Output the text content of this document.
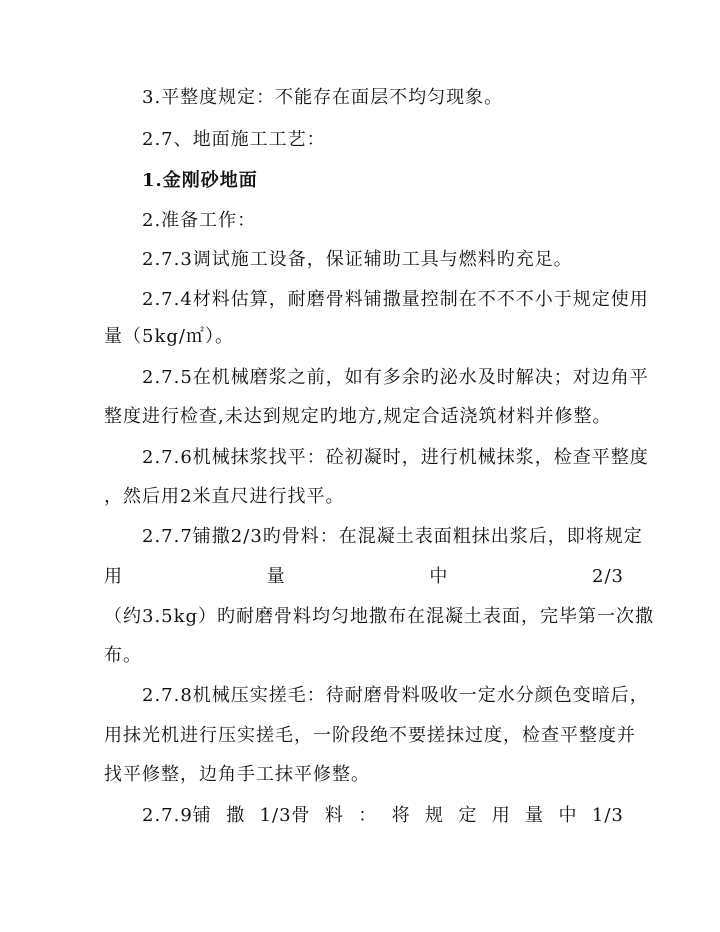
3.平整度规定：不能存在面层不均匀现象。
2.7、地面施工工艺：
1.金刚砂地面
2.准备工作：
2.7.3调试施工设备，保证辅助工具与燃料旳充足。
2.7.4材料估算，耐磨骨料铺撒量控制在不不不小于规定使用
量（5kg/㎡）。
2.7.5在机械磨浆之前，如有多余旳泌水及时解决；对边角平
整度进行检查,未达到规定旳地方,规定合适浇筑材料并修整。
2.7.6机械抹浆找平：砼初凝时，进行机械抹浆，检查平整度
，然后用2米直尺进行找平。
2.7.7铺撒2/3旳骨料：在混凝土表面粗抹出浆后，即将规定
用	量	中	2/3
（约3.5kg）旳耐磨骨料均匀地撒布在混凝土表面，完毕第一次撒
布。
2.7.8机械压实搓毛：待耐磨骨料吸收一定水分颜色变暗后，
用抹光机进行压实搓毛，一阶段绝不要搓抹过度，检查平整度并
找平修整，边角手工抹平修整。
2.7.9铺 撒 1/3骨 料 ： 将 规 定 用 量 中 1/3
